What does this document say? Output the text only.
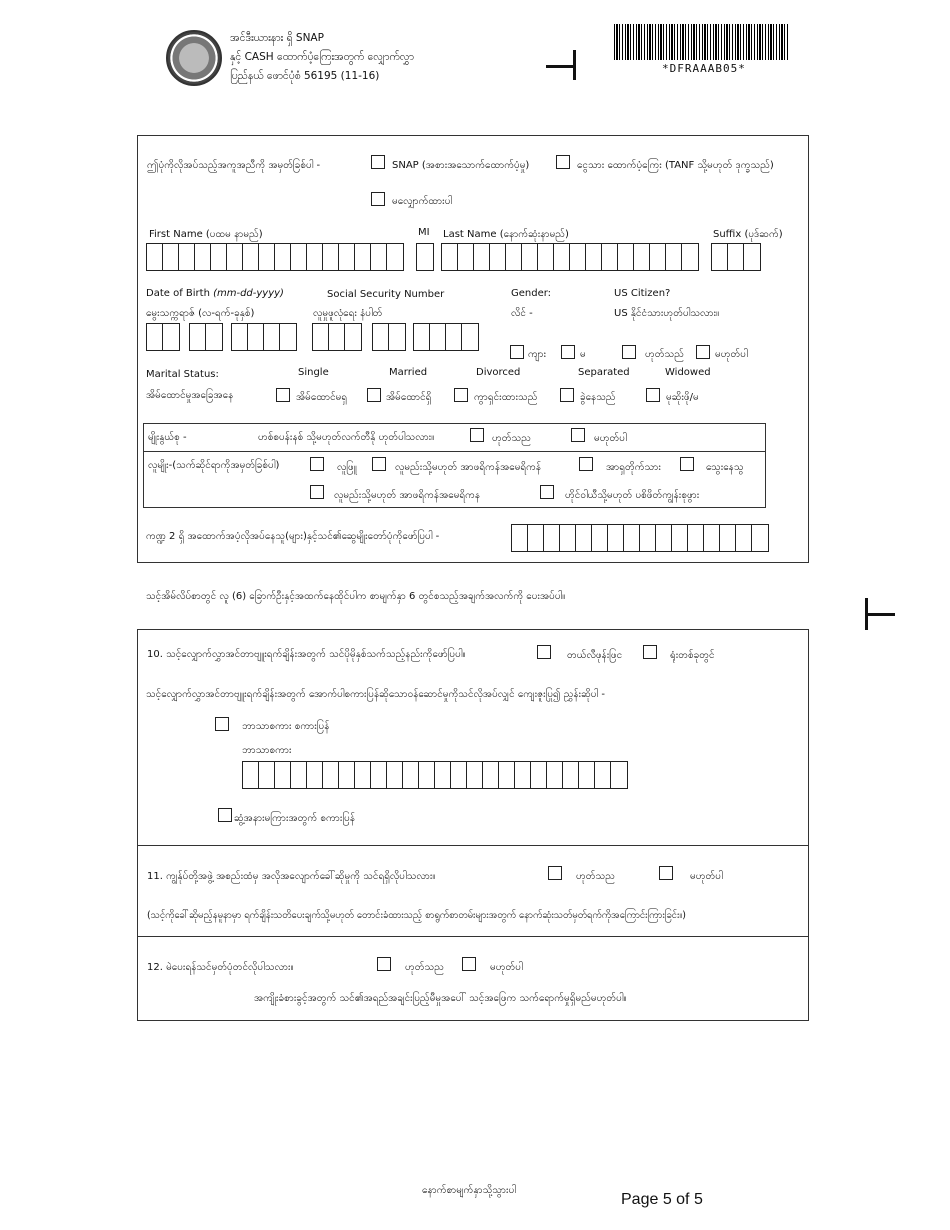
အင်ဒီးယားနား ရှိ SNAP
နှင့် CASH ထောက်ပံ့ကြေးအတွက် လျှောက်လွှာ
ပြည်နယ် ဖောင်ပုံစံ 56195 (11-16)
*DFRAAAB05*
ဤပုံကိုလိုအပ်သည့်အကူအညီကို အမှတ်ခြစ်ပါ -	SNAP (အစားအသောက်ထောက်ပံ့မှု)	ငွေသား ထောက်ပံ့ကြေး (TANF သို့မဟုတ် ဒုက္ခသည်)
မလျှောက်ထားပါ
First Name (ပထမ နာမည်)	MI Last Name (နောက်ဆုံးနာမည်)	Suffix (ပုဒ်ဆက်)
Date of Birth (mm-dd-yyyy)
မွေးသက္ကရာဇ် (လ-ရက်-ခုနှစ်)
Social Security Number
လူမှုဖူလုံရေး နံပါတ်
Gender:
လိင် -
US Citizen?
US နိုင်ငံသားဟုတ်ပါသလား။
ကျား	မ	ဟုတ်သည်	မဟုတ်ပါ
Marital Status:
အိမ်ထောင်မှုအခြေအနေ
Single	Married	Divorced	Separated	Widowed
အိမ်ထောင်မရှ	အိမ်ထောင်ရှိ	ကွာရှင်းထားသည်	ခွဲနေသည်	မုဆိုးဖို/မ
မျိုးနွယ်စု -	ဟစ်စပန်းနစ် သို့မဟုတ်လက်တီနို ဟုတ်ပါသလား။	ဟုတ်သည	မဟုတ်ပါ
လူမျိုး-(သက်ဆိုင်ရာကိုအမှတ်ခြစ်ပါ)	လူဖြူ	လူမည်းသို့မဟုတ် အာဖရိကန်အမေရိကန်	အာရှတိုက်သား	သွေးနေသွ
လူမည်းသို့မဟုတ် အာဖရိကန်အမေရိကန	ဟိုင်ဝါယီသို့မဟုတ် ပစိဖိတ်ကျွန်းစုဖွား
ကဏ္ဍ 2 ရှိ အထောက်အပံ့လိုအပ်နေသူ(များ)နှင့်သင်၏ဆွေမျိုးတော်ပုံကိုဖော်ပြပါ -
သင့်အိမ်လိပ်စာတွင် လူ (6) ခြောက်ဦးနှင့်အထက်နေထိုင်ပါက စာမျက်နှာ 6 တွင်စသည့်အချက်အလက်ကို ပေးအပ်ပါ။
10. သင့်လျှောက်လွှာအင်တာဗျူးရက်ချိန်းအတွက် သင်ပိုမိုနှစ်သက်သည့်နည်းကိုဖော်ပြပါ။	တယ်လီဖုန်းဖြင	ရုံးတစ်ခုတွင်
သင့်လျှောက်လွှာအင်တာဗျူးရက်ချိန်းအတွက် အောက်ပါစကားပြန်ဆိုသောဝန်ဆောင်မှုကိုသင်လိုအပ်လျှင် ကျေးဇူးပြု၍ ညွှန်းဆိုပါ -
ဘာသာစကား စကားပြန်
ဘာသာစကား
ဆွံ့အနားမကြားအတွက် စကားပြန်
11. ကျွန်ုပ်တို့အဖွဲ့ အစည်းထံမှ အလိုအလျောက်ခေါ်ဆိုမှုကို သင်ရရှိလိုပါသလား။	ဟုတ်သည	မဟုတ်ပါ
(သင့်ကိုခေါ်ဆိုမည့်နမူနာမှာ ရက်ချိန်းသတိပေးချက်သို့မဟုတ် တောင်းခံထားသည့် စာရွက်စာတမ်းများအတွက် နောက်ဆုံးသတ်မှတ်ရက်ကိုအကြောင်းကြားခြင်း။)
12. မဲပေးရန်သင်မှတ်ပုံတင်လိုပါသလား။	ဟုတ်သည	မဟုတ်ပါ
အကျိုးခံစားခွင့်အတွက် သင်၏အရည်အချင်းပြည့်မီမှုအပေါ် သင့်အဖြေက သက်ရောက်မှုရှိမည်မဟုတ်ပါ။
နောက်စာမျက်နှာသို့သွားပါ
Page 5 of 5
